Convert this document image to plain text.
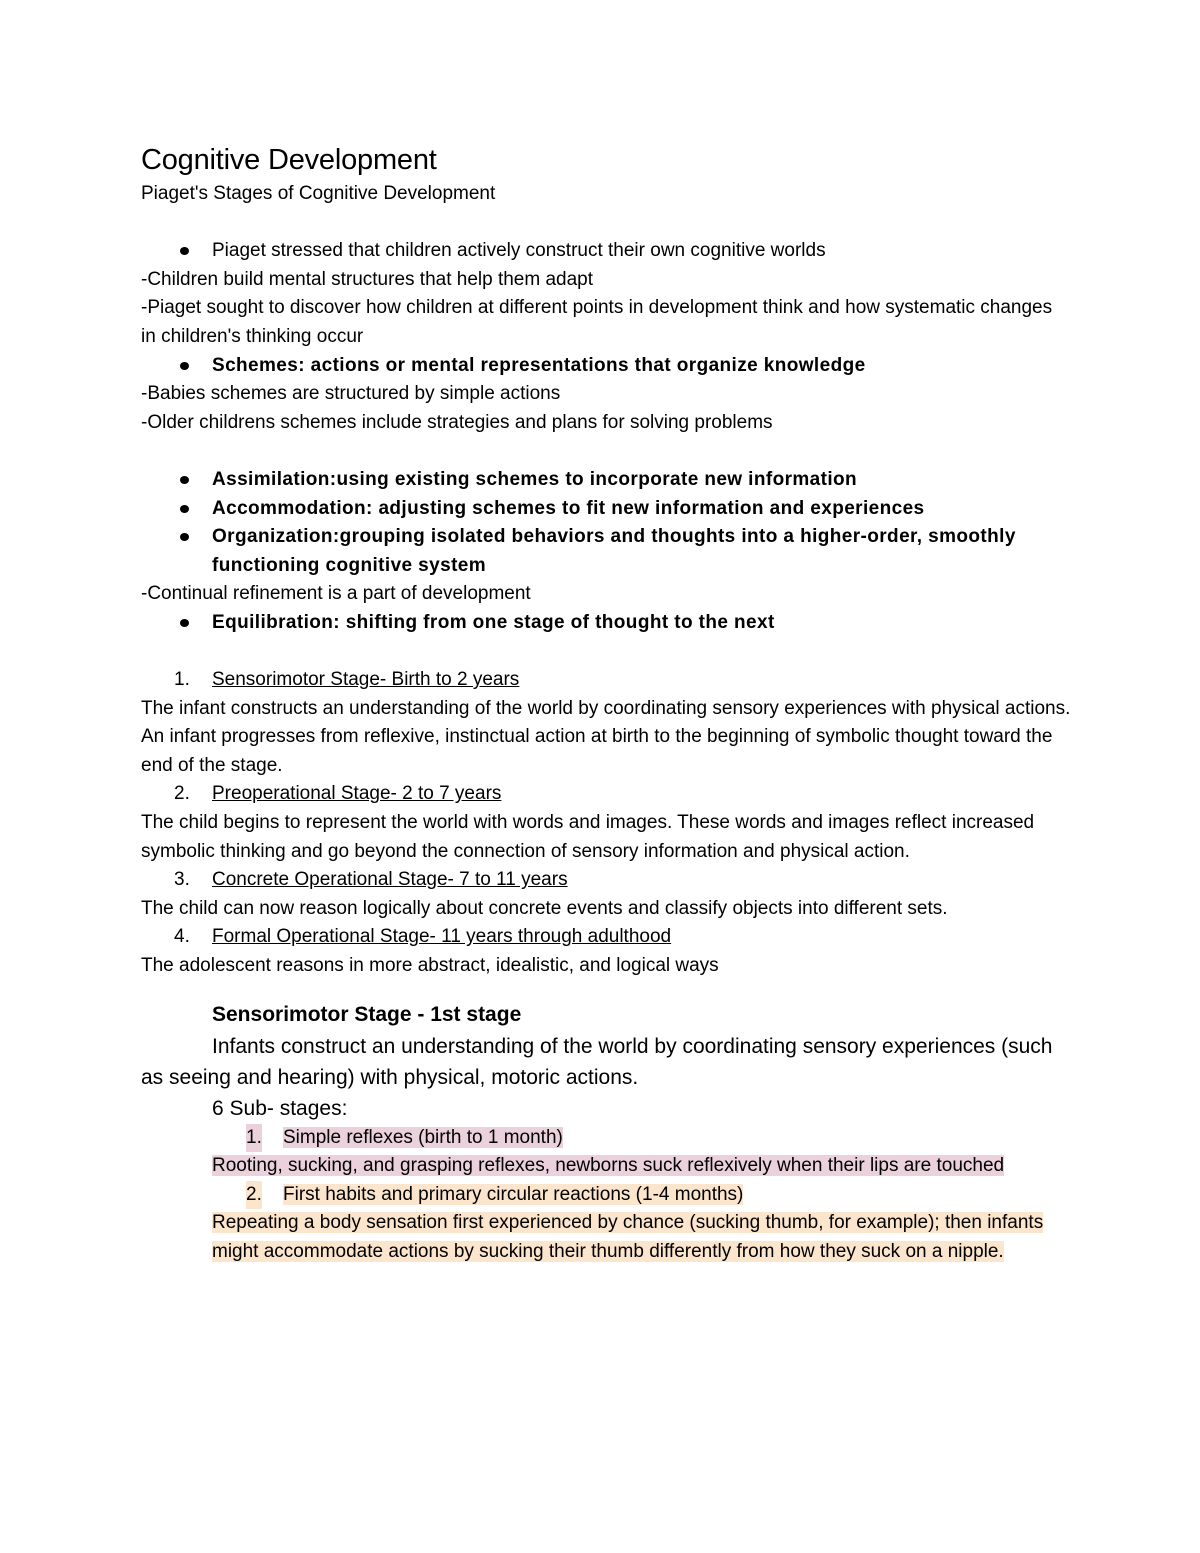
Cognitive Development

Piaget's Stages of Cognitive Development

Piaget stressed that children actively construct their own cognitive worlds

-Children build mental structures that help them adapt

-Piaget sought to discover how children at different points in development think and how systematic changes in children's thinking occur

Schemes: actions or mental representations that organize knowledge

-Babies schemes are structured by simple actions

-Older childrens schemes include strategies and plans for solving problems

Assimilation:using existing schemes to incorporate new information

Accommodation: adjusting schemes to fit new information and experiences

Organization:grouping isolated behaviors and thoughts into a higher-order, smoothly functioning cognitive system

-Continual refinement is a part of development

Equilibration: shifting from one stage of thought to the next

1. Sensorimotor Stage- Birth to 2 years

The infant constructs an understanding of the world by coordinating sensory experiences with physical actions. An infant progresses from reflexive, instinctual action at birth to the beginning of symbolic thought toward the end of the stage.

2. Preoperational Stage- 2 to 7 years

The child begins to represent the world with words and images. These words and images reflect increased symbolic thinking and go beyond the connection of sensory information and physical action.

3. Concrete Operational Stage- 7 to 11 years

The child can now reason logically about concrete events and classify objects into different sets.

4. Formal Operational Stage- 11 years through adulthood

The adolescent reasons in more abstract, idealistic, and logical ways

Sensorimotor Stage - 1st stage

Infants construct an understanding of the world by coordinating sensory experiences (such as seeing and hearing) with physical, motoric actions.

6 Sub- stages:

1. Simple reflexes (birth to 1 month)

Rooting, sucking, and grasping reflexes, newborns suck reflexively when their lips are touched

2. First habits and primary circular reactions (1-4 months)

Repeating a body sensation first experienced by chance (sucking thumb, for example); then infants might accommodate actions by sucking their thumb differently from how they suck on a nipple.
